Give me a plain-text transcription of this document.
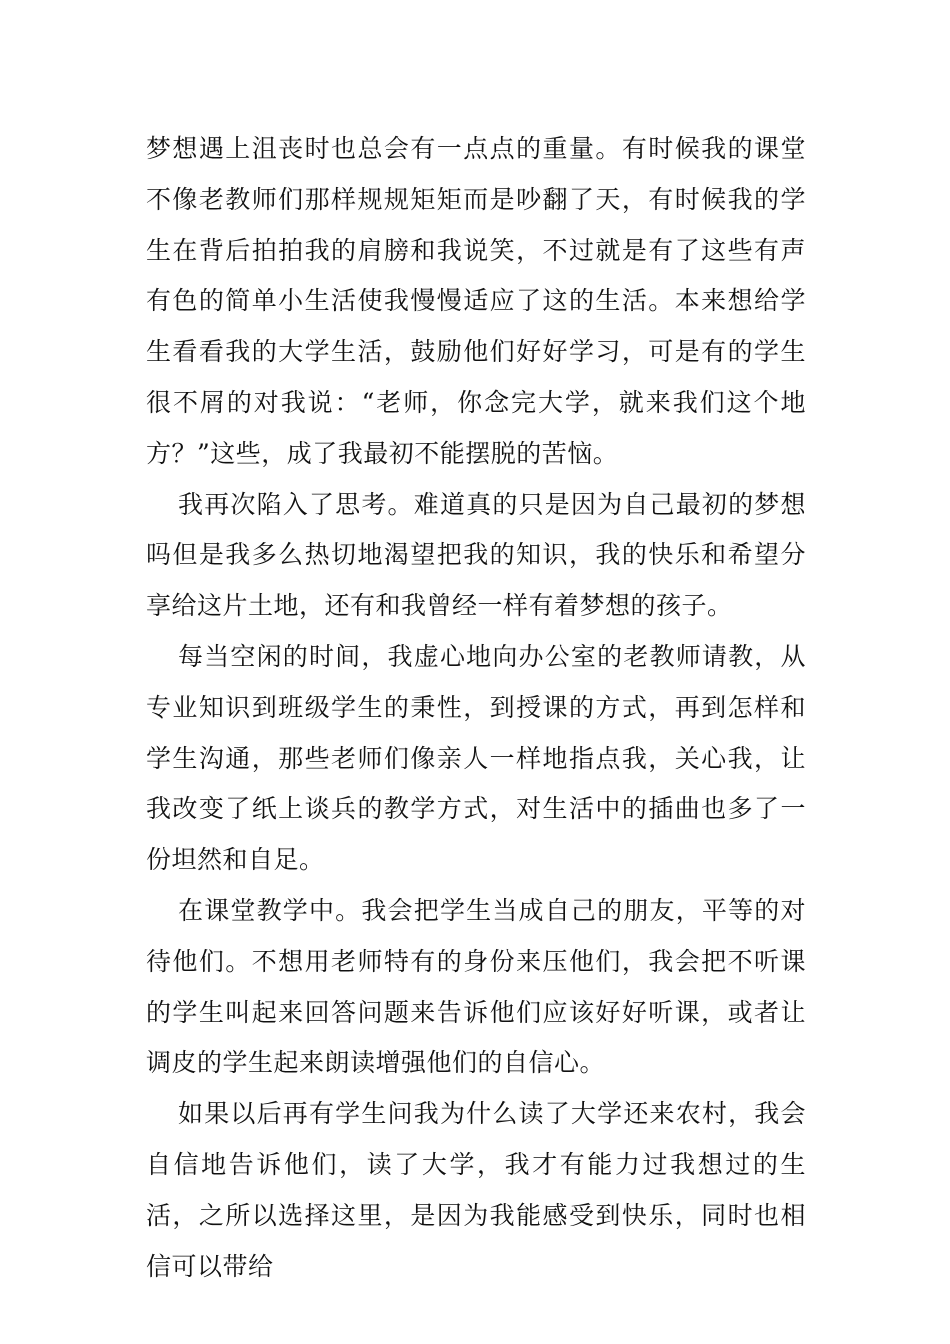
梦想遇上沮丧时也总会有一点点的重量。有时候我的课堂不像老教师们那样规规矩矩而是吵翻了天，有时候我的学生在背后拍拍我的肩膀和我说笑，不过就是有了这些有声有色的简单小生活使我慢慢适应了这的生活。本来想给学生看看我的大学生活，鼓励他们好好学习，可是有的学生很不屑的对我说：“老师，你念完大学，就来我们这个地方？”这些，成了我最初不能摆脱的苦恼。

我再次陷入了思考。难道真的只是因为自己最初的梦想吗但是我多么热切地渴望把我的知识，我的快乐和希望分享给这片土地，还有和我曾经一样有着梦想的孩子。

每当空闲的时间，我虚心地向办公室的老教师请教，从专业知识到班级学生的秉性，到授课的方式，再到怎样和学生沟通，那些老师们像亲人一样地指点我，关心我，让我改变了纸上谈兵的教学方式，对生活中的插曲也多了一份坦然和自足。

在课堂教学中。我会把学生当成自己的朋友，平等的对待他们。不想用老师特有的身份来压他们，我会把不听课的学生叫起来回答问题来告诉他们应该好好听课，或者让调皮的学生起来朗读增强他们的自信心。

如果以后再有学生问我为什么读了大学还来农村，我会自信地告诉他们，读了大学，我才有能力过我想过的生活，之所以选择这里，是因为我能感受到快乐，同时也相信可以带给
